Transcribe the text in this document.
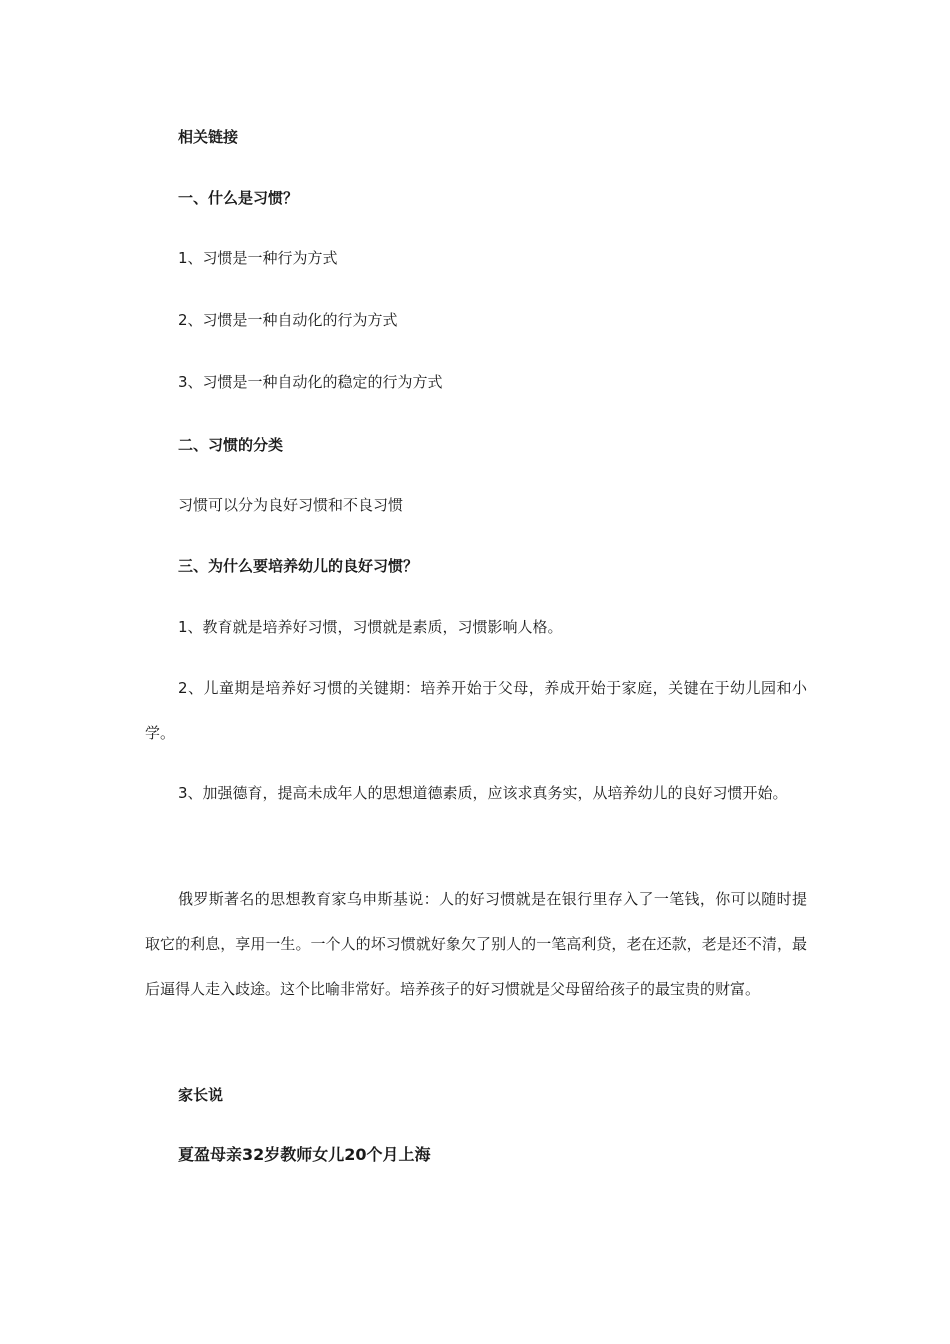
相关链接
一、什么是习惯？
1、习惯是一种行为方式
2、习惯是一种自动化的行为方式
3、习惯是一种自动化的稳定的行为方式
二、习惯的分类
习惯可以分为良好习惯和不良习惯
三、为什么要培养幼儿的良好习惯？
1、教育就是培养好习惯，习惯就是素质，习惯影响人格。
2、儿童期是培养好习惯的关键期：培养开始于父母，养成开始于家庭，关键在于幼儿园和小学。
3、加强德育，提高未成年人的思想道德素质，应该求真务实，从培养幼儿的良好习惯开始。
俄罗斯著名的思想教育家乌申斯基说：人的好习惯就是在银行里存入了一笔钱，你可以随时提取它的利息，享用一生。一个人的坏习惯就好象欠了别人的一笔高利贷，老在还款，老是还不清，最后逼得人走入歧途。这个比喻非常好。培养孩子的好习惯就是父母留给孩子的最宝贵的财富。
家长说
夏盈母亲32岁教师女儿20个月上海
